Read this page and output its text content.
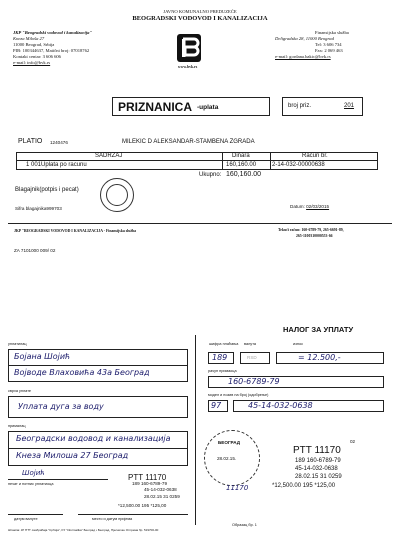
JAVNO KOMUNALNO PREDUZEĆE
BEOGRADSKI VODOVOD I KANALIZACIJA
JKP "Beogradski vodovod i kanalizacija"
Kneza Miloša 27
11000 Beograd, Srbija
PIB: 100344637, Matični broj: 07018762
Kontakt centar: 3 606 606
e-mail: info@bvk.rs
www.bvk.rs
Finansijska služba
Deligradska 28, 11000 Beograd
Tel: 3 606 734
Fax: 2 069 463
e-mail: gordana.bakic@bvk.rs
PRIZNANICA -uplata	broj priz.	201
PLATIO 1240476	MILEKIC D ALEKSANDAR-STAMBENA ZGRADA
SADRZAJ	Dinara	Racun br.
1 001Uplata po racunu	160,160.00	2-14-032-00000638
Ukupno: 160,160.00
Blagajnik(potpis i pecat)
Sifra blagajnika999703	Datum: 02/03/2015
JKP "BEOGRADSKI VODOVOD I KANALIZACIJA - Finansijska služba	Tekući račun: 160-6789-79, 265-6691-89,
265-1100310000553-66
ZA 7101000 009/ 02
НАЛОГ ЗА УПЛАТУ
уплатилац
Бојана Шојић
Војводе Влаховића 43а Београд
сврха уплате
Уплата дуга за воду
прималац
Београдски водовод и канализација
Кнеза Милоша 27 Београд
Шојић
печат и потпис уплатиоца
место и датум пријема
датум валуте
PTT 11170
189 160-6789-79
45-14-032-0638
28.02.15 31 0259
*12,500.00 195 *125,00
шифра плаћања валута	износ
189	RSD	= 12.500,-
рачун примаоца
160-6789-79
модел и позив на број (одобрење)
97	45-14-032-0638
БЕОГРАД
28.02.15.
11170
02
PTT 11170
189 160-6789-79
45-14-032-0638
28.02.15 31 0259
*12,500.00 195 *125,00
Образац бр. 1
Штампа: JP ПТТ саобраћаја "Србија", РЈ "Informatika" Београд • Београд, Пјесничке Отпрема бр. 519700-00
